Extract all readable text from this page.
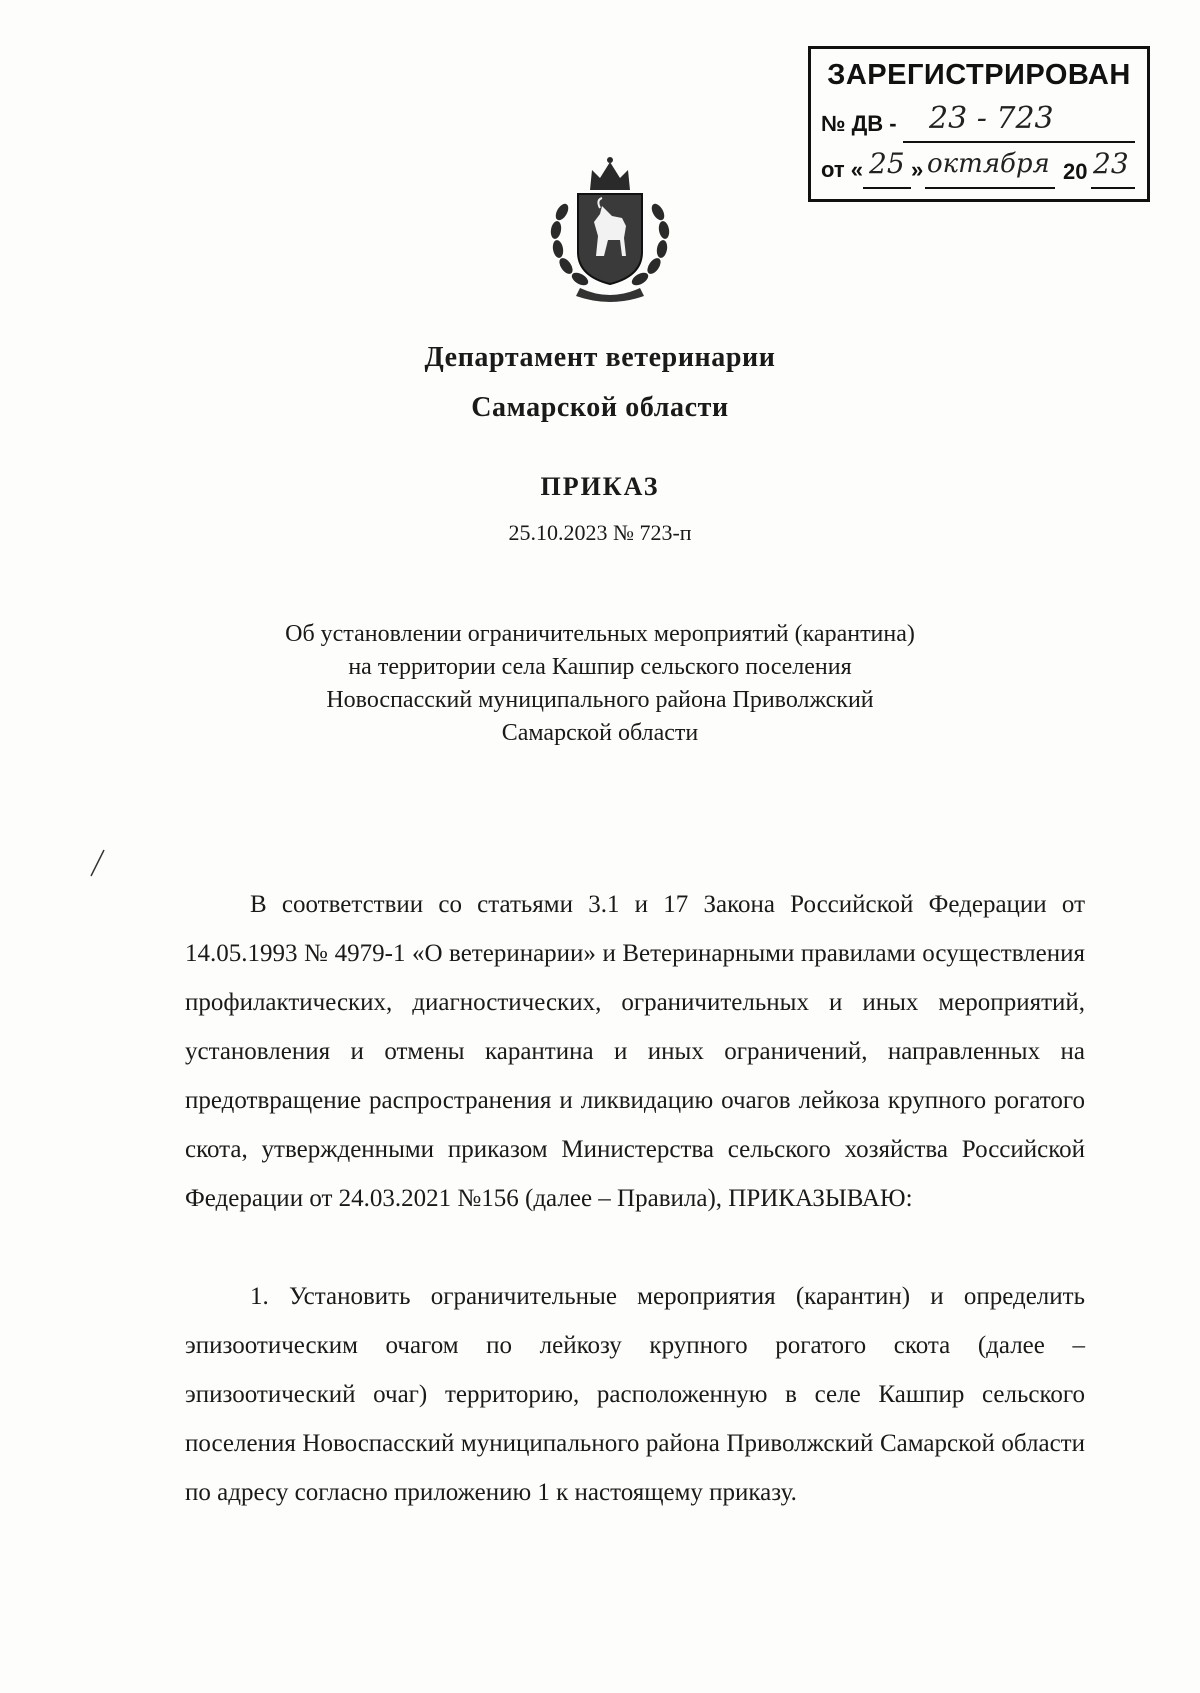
ЗАРЕГИСТРИРОВАН
№ ДВ - 23 - 723
от « 25 » октября 20 23
Департамент ветеринарии
Самарской области
ПРИКАЗ
25.10.2023 № 723-п
Об установлении ограничительных мероприятий (карантина)
на территории села Кашпир сельского поселения
Новоспасский муниципального района Приволжский
Самарской области
В соответствии со статьями 3.1 и 17 Закона Российской Федерации от 14.05.1993 № 4979-1 «О ветеринарии» и Ветеринарными правилами осуществления профилактических, диагностических, ограничительных и иных мероприятий, установления и отмены карантина и иных ограничений, направленных на предотвращение распространения и ликвидацию очагов лейкоза крупного рогатого скота, утвержденными приказом Министерства сельского хозяйства Российской Федерации от 24.03.2021 №156 (далее – Правила), ПРИКАЗЫВАЮ:
1. Установить ограничительные мероприятия (карантин) и определить эпизоотическим очагом по лейкозу крупного рогатого скота (далее – эпизоотический очаг) территорию, расположенную в селе Кашпир сельского поселения Новоспасский муниципального района Приволжский Самарской области по адресу согласно приложению 1 к настоящему приказу.
